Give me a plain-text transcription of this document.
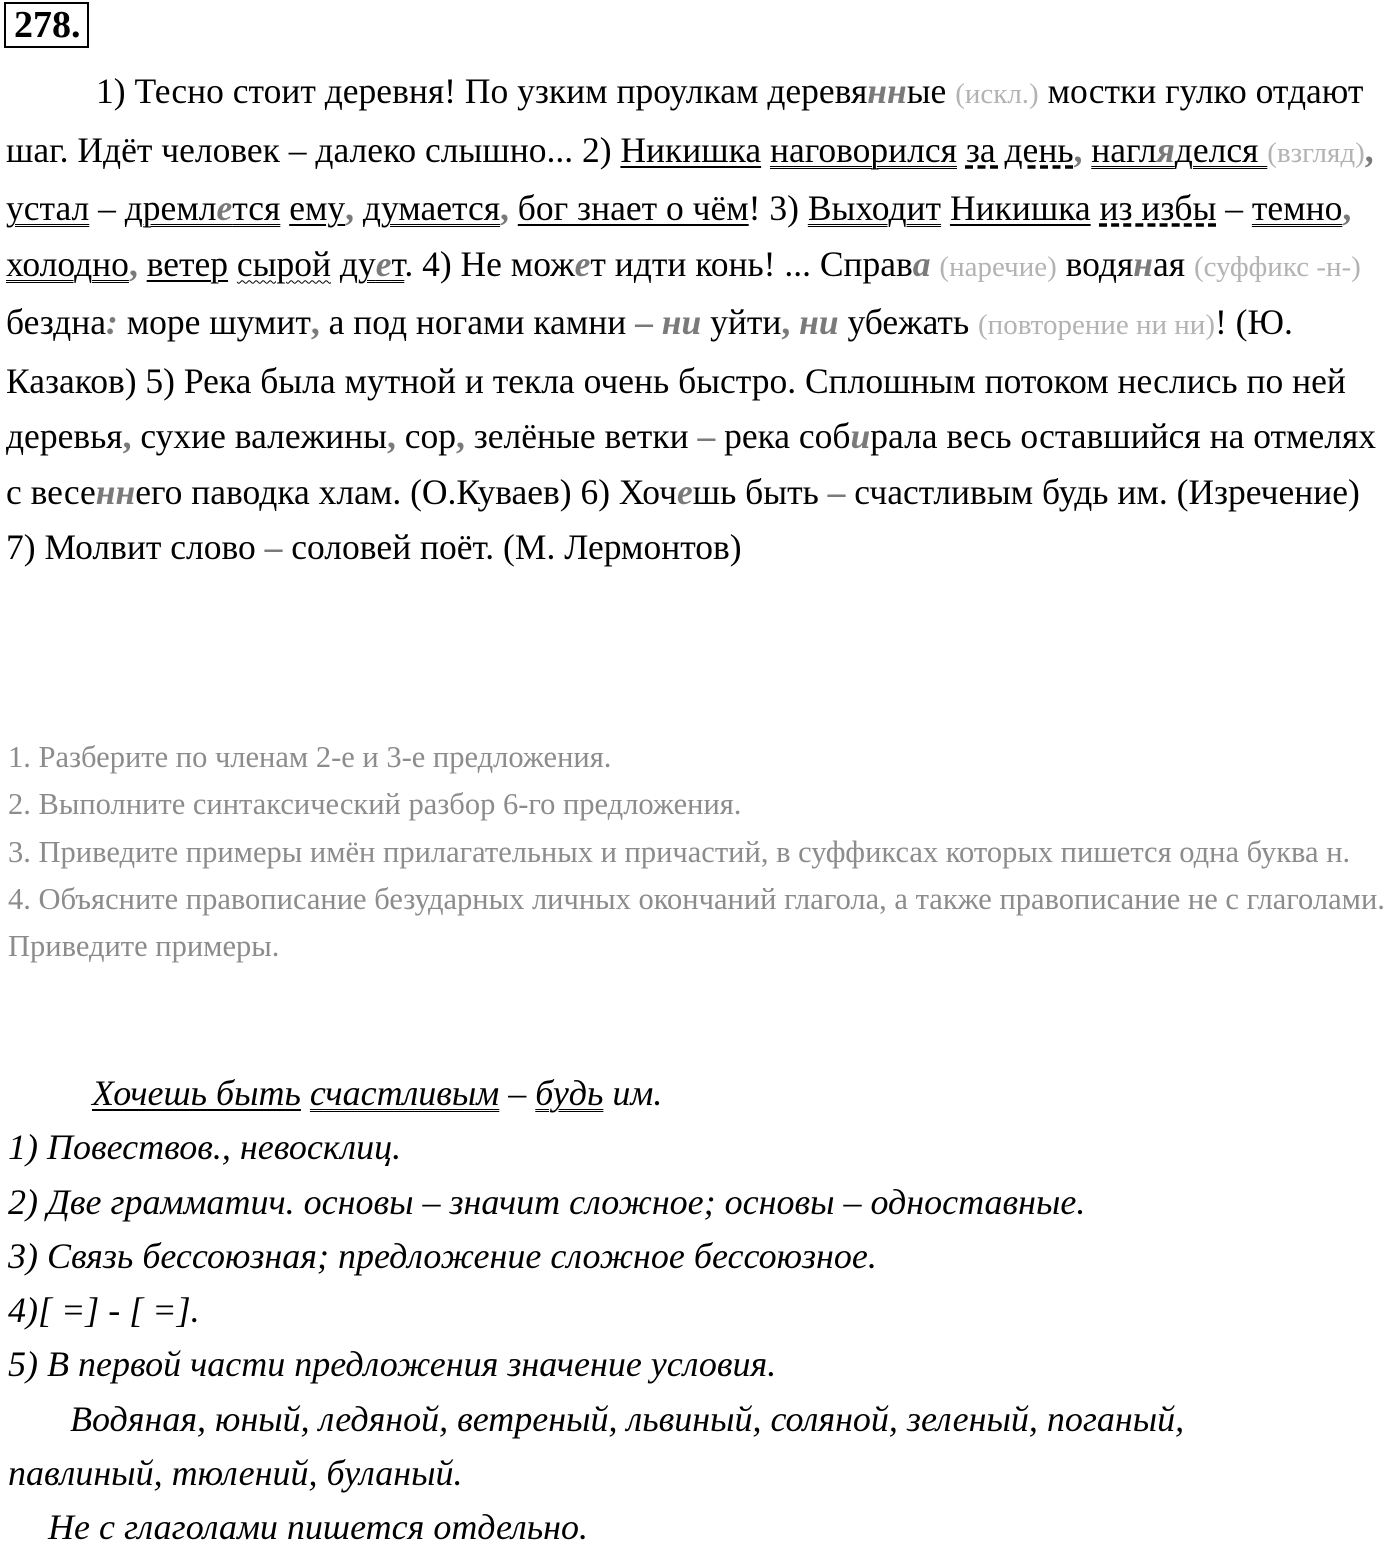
278.

1) Тесно стоит деревня! По узким проулкам деревянные (искл.) мостки гулко отдают шаг. Идёт человек – далеко слышно... 2) Никишка наговорился за день, нагляделся (взгляд), устал – дремлется ему, думается, бог знает о чём! 3) Выходит Никишка из избы – темно, холодно, ветер сырой дует. 4) Не может идти конь! ... Справа (наречие) водяная (суффикс -н-) бездна: море шумит, а под ногами камни – ни уйти, ни убежать (повторение ни ни)! (Ю. Казаков) 5) Река была мутной и текла очень быстро. Сплошным потоком неслись по ней деревья, сухие валежины, сор, зелёные ветки – река собирала весь оставшийся на отмелях с весеннего паводка хлам. (О.Куваев) 6) Хочешь быть – счастливым будь им. (Изречение) 7) Молвит слово – соловей поёт. (М. Лермонтов)

1. Разберите по членам 2-е и 3-е предложения.
2. Выполните синтаксический разбор 6-го предложения.
3. Приведите примеры имён прилагательных и причастий, в суффиксах которых пишется одна буква н.
4. Объясните правописание безударных личных окончаний глагола, а также правописание не с глаголами. Приведите примеры.
Хочешь быть счастливым – будь им.
1) Повествов., невосклиц.
2) Две грамматич. основы – значит сложное; основы – одноставные.
3) Связь бессоюзная; предложение сложное бессоюзное.
4)[ =] - [ =].
5) В первой части предложения значение условия.
Водяная, юный, ледяной, ветреный, львиный, соляной, зеленый, поганый,
павлиный, тюлений, буланый.
Не с глаголами пишется отдельно.
